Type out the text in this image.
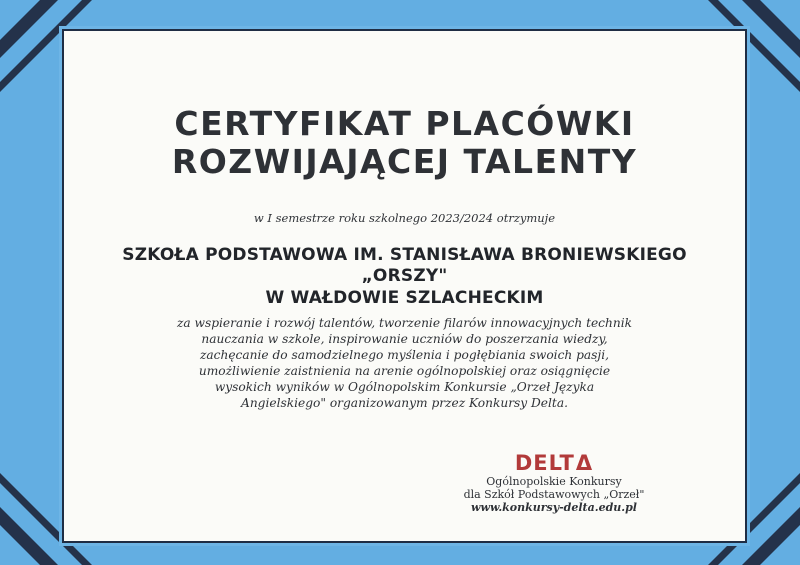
CERTYFIKAT PLACÓWKI
ROZWIJAJĄCEJ TALENTY
w I semestrze roku szkolnego 2023/2024 otrzymuje
SZKOŁA PODSTAWOWA IM. STANISŁAWA BRONIEWSKIEGO
„ORSZY"
W WAŁDOWIE SZLACHECKIM
za wspieranie i rozwój talentów, tworzenie filarów innowacyjnych technik
nauczania w szkole, inspirowanie uczniów do poszerzania wiedzy,
zachęcanie do samodzielnego myślenia i pogłębiania swoich pasji,
umożliwienie zaistnienia na arenie ogólnopolskiej oraz osiągnięcie
wysokich wyników w Ogólnopolskim Konkursie „Orzeł Języka
Angielskiego" organizowanym przez Konkursy Delta.
DELTΔ
Ogólnopolskie Konkursy
dla Szkół Podstawowych „Orzeł"
www.konkursy-delta.edu.pl
